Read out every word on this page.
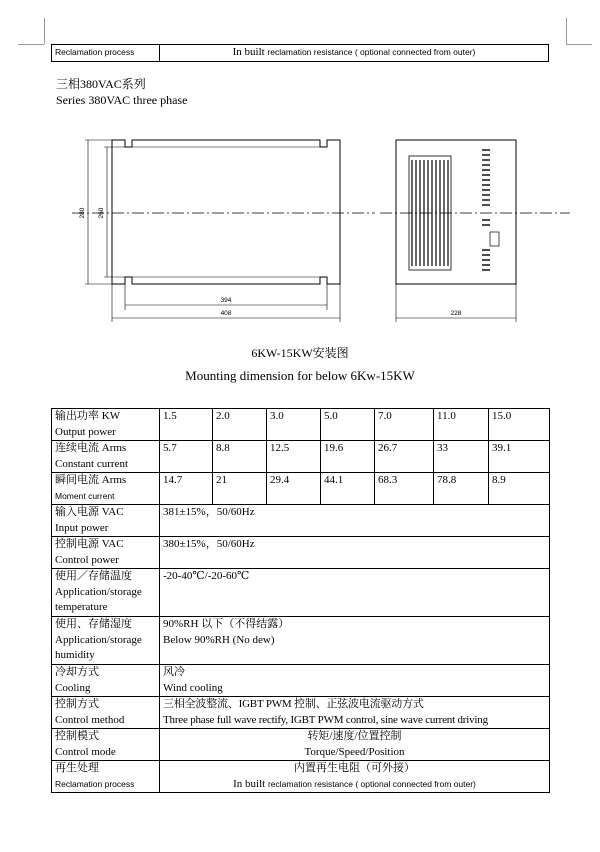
Reclamation process	In built reclamation resistance ( optional connected from outer)
三相380VAC系列
Series 380VAC three phase
394
408	228
280 260
6KW-15KW安装图
Mounting dimension for below 6Kw-15KW
输出功率 KW
Output power	1.5	2.0	3.0	5.0	7.0	11.0	15.0

连续电流 Arms
Constant current	5.7	8.8	12.5	19.6	26.7	33	39.1

瞬间电流 Arms
Moment current	14.7	21	29.4	44.1	68.3	78.8	8.9

输入电源 VAC
Input power	381±15%，50/60Hz						

控制电源 VAC
Control power	380±15%，50/60Hz						

使用／存储温度
Application/storage
temperature	-20-40℃/-20-60℃						

使用、存储湿度
Application/storage
humidity	90%RH 以下（不得结露）
Below 90%RH (No dew)						

冷却方式
Cooling	风冷
Wind cooling						

控制方式
Control method	三相全波整流、IGBT PWM 控制、正弦波电流驱动方式
Three phase full wave rectify, IGBT PWM control, sine wave current driving						

控制模式
Control mode	转矩/速度/位置控制
Torque/Speed/Position						

再生处理
Reclamation process	内置再生电阻（可外接）
In built reclamation resistance ( optional connected from outer)						
